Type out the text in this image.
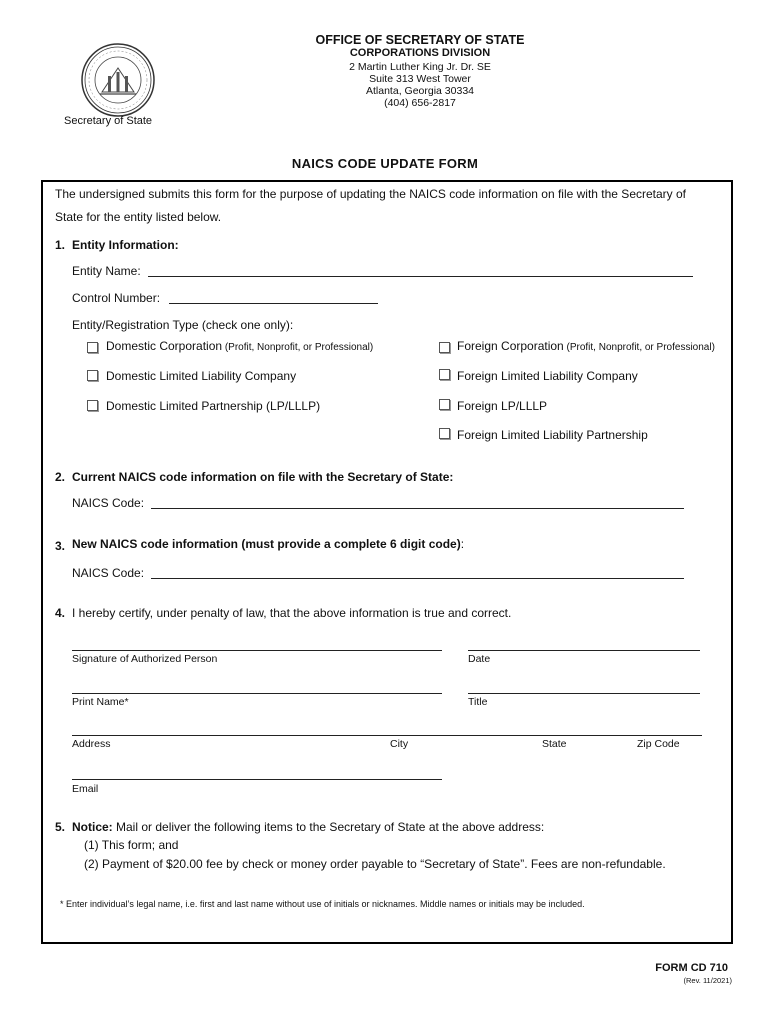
Secretary of State
OFFICE OF SECRETARY OF STATE
CORPORATIONS DIVISION
2 Martin Luther King Jr. Dr. SE
Suite 313 West Tower
Atlanta, Georgia 30334
(404) 656-2817
NAICS CODE UPDATE FORM
The undersigned submits this form for the purpose of updating the NAICS code information on file with the Secretary of
State for the entity listed below.
1. Entity Information:
Entity Name:
Control Number:
Entity/Registration Type (check one only):
Domestic Corporation (Profit, Nonprofit, or Professional)
Domestic Limited Liability Company
Domestic Limited Partnership (LP/LLLP)
Foreign Corporation (Profit, Nonprofit, or Professional)
Foreign Limited Liability Company
Foreign LP/LLLP
Foreign Limited Liability Partnership
2. Current NAICS code information on file with the Secretary of State:
NAICS Code:
3. New NAICS code information (must provide a complete 6 digit code):
NAICS Code:
4. I hereby certify, under penalty of law, that the above information is true and correct.
Signature of Authorized Person	Date
Print Name*	Title
Address	City	State	Zip Code
Email
5. Notice: Mail or deliver the following items to the Secretary of State at the above address:
(1) This form; and
(2) Payment of $20.00 fee by check or money order payable to “Secretary of State”. Fees are non-refundable.
* Enter individual’s legal name, i.e. first and last name without use of initials or nicknames. Middle names or initials may be included.
FORM CD 710
(Rev. 11/2021)
